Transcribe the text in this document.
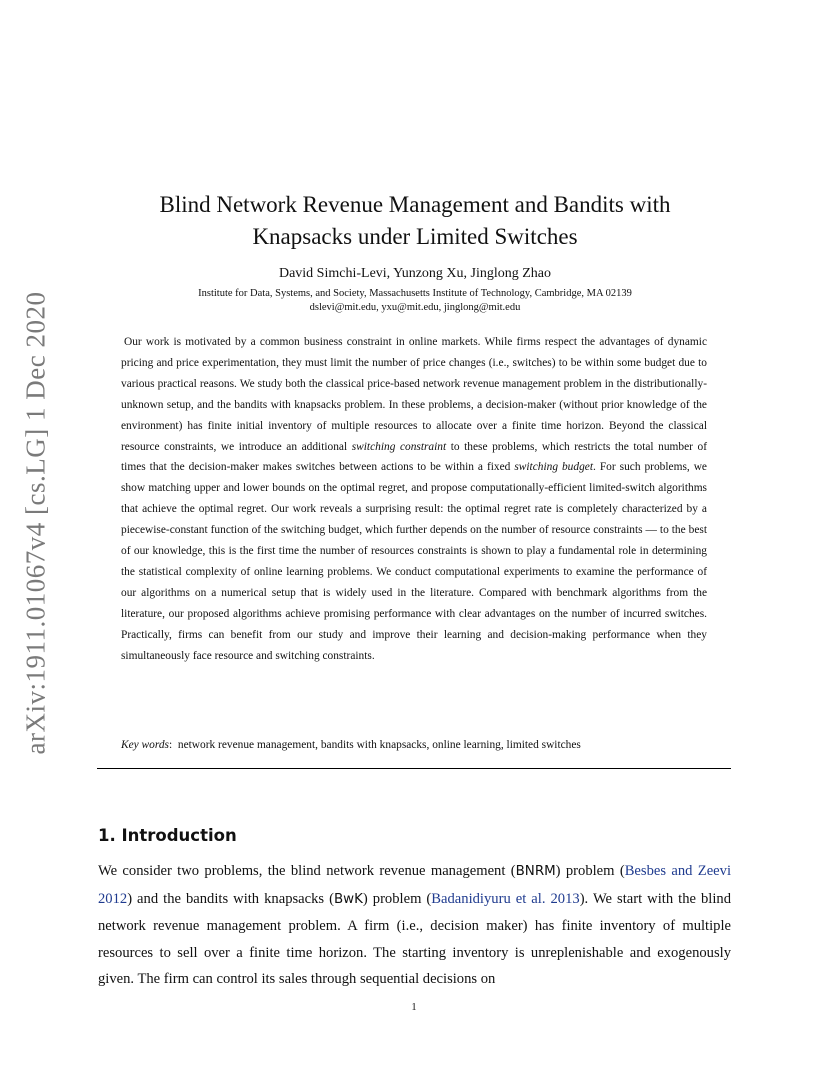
arXiv:1911.01067v4 [cs.LG] 1 Dec 2020
Blind Network Revenue Management and Bandits with
Knapsacks under Limited Switches
David Simchi-Levi, Yunzong Xu, Jinglong Zhao
Institute for Data, Systems, and Society, Massachusetts Institute of Technology, Cambridge, MA 02139
dslevi@mit.edu, yxu@mit.edu, jinglong@mit.edu

Our work is motivated by a common business constraint in online markets. While firms respect the advantages of dynamic pricing and price experimentation, they must limit the number of price changes (i.e., switches) to be within some budget due to various practical reasons. We study both the classical price-based network revenue management problem in the distributionally-unknown setup, and the bandits with knapsacks problem. In these problems, a decision-maker (without prior knowledge of the environment) has finite initial inventory of multiple resources to allocate over a finite time horizon. Beyond the classical resource constraints, we introduce an additional switching constraint to these problems, which restricts the total number of times that the decision-maker makes switches between actions to be within a fixed switching budget. For such problems, we show matching upper and lower bounds on the optimal regret, and propose computationally-efficient limited-switch algorithms that achieve the optimal regret. Our work reveals a surprising result: the optimal regret rate is completely characterized by a piecewise-constant function of the switching budget, which further depends on the number of resource constraints — to the best of our knowledge, this is the first time the number of resources constraints is shown to play a fundamental role in determining the statistical complexity of online learning problems. We conduct computational experiments to examine the performance of our algorithms on a numerical setup that is widely used in the literature. Compared with benchmark algorithms from the literature, our proposed algorithms achieve promising performance with clear advantages on the number of incurred switches. Practically, firms can benefit from our study and improve their learning and decision-making performance when they simultaneously face resource and switching constraints.

Key words:  network revenue management, bandits with knapsacks, online learning, limited switches
1. Introduction

We consider two problems, the blind network revenue management (BNRM) problem (Besbes and Zeevi 2012) and the bandits with knapsacks (BwK) problem (Badanidiyuru et al. 2013). We start with the blind network revenue management problem. A firm (i.e., decision maker) has finite inventory of multiple resources to sell over a finite time horizon. The starting inventory is unreplenishable and exogenously given. The firm can control its sales through sequential decisions on

1
